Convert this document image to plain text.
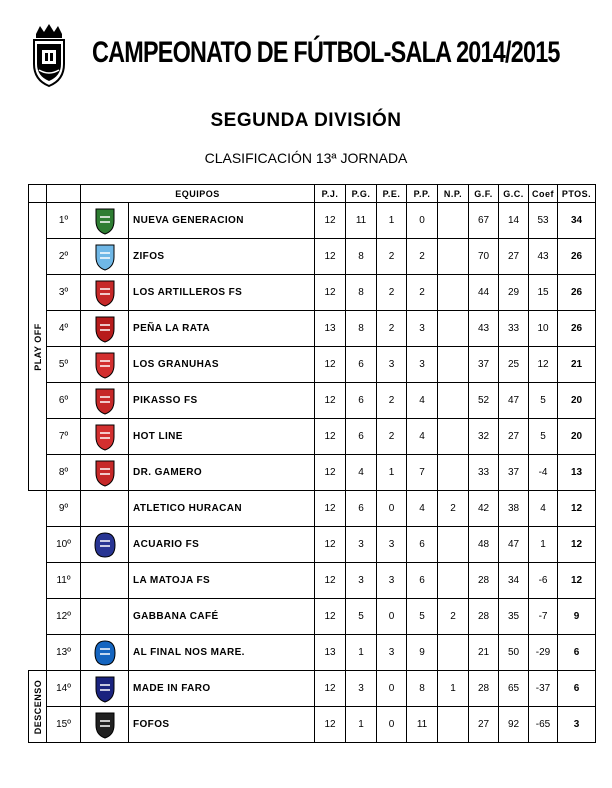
CAMPEONATO DE FÚTBOL-SALA 2014/2015
SEGUNDA DIVISIÓN
CLASIFICACIÓN 13ª JORNADA
		EQUIPOS		P.J.	P.G.	P.E.	P.P.	N.P.	G.F.	G.C.	Coef	PTOS.

PLAY OFF	1º		NUEVA GENERACION	12	11	1	0		67	14	53	34
	2º		ZIFOS	12	8	2	2		70	27	43	26
	3º		LOS ARTILLEROS FS	12	8	2	2		44	29	15	26
	4º		PEÑA LA RATA	13	8	2	3		43	33	10	26
	5º		LOS GRANUHAS	12	6	3	3		37	25	12	21
	6º		PIKASSO FS	12	6	2	4		52	47	5	20
	7º		HOT LINE	12	6	2	4		32	27	5	20
	8º		DR. GAMERO	12	4	1	7		33	37	-4	13
	9º		ATLETICO HURACAN	12	6	0	4	2	42	38	4	12
	10º		ACUARIO FS	12	3	3	6		48	47	1	12
	11º		LA MATOJA FS	12	3	3	6		28	34	-6	12
	12º		GABBANA CAFÉ	12	5	0	5	2	28	35	-7	9
	13º		AL FINAL NOS MARE.	13	1	3	9		21	50	-29	6

DESCENSO	14º		MADE IN FARO	12	3	0	8	1	28	65	-37	6
	15º		FOFOS	12	1	0	11		27	92	-65	3
